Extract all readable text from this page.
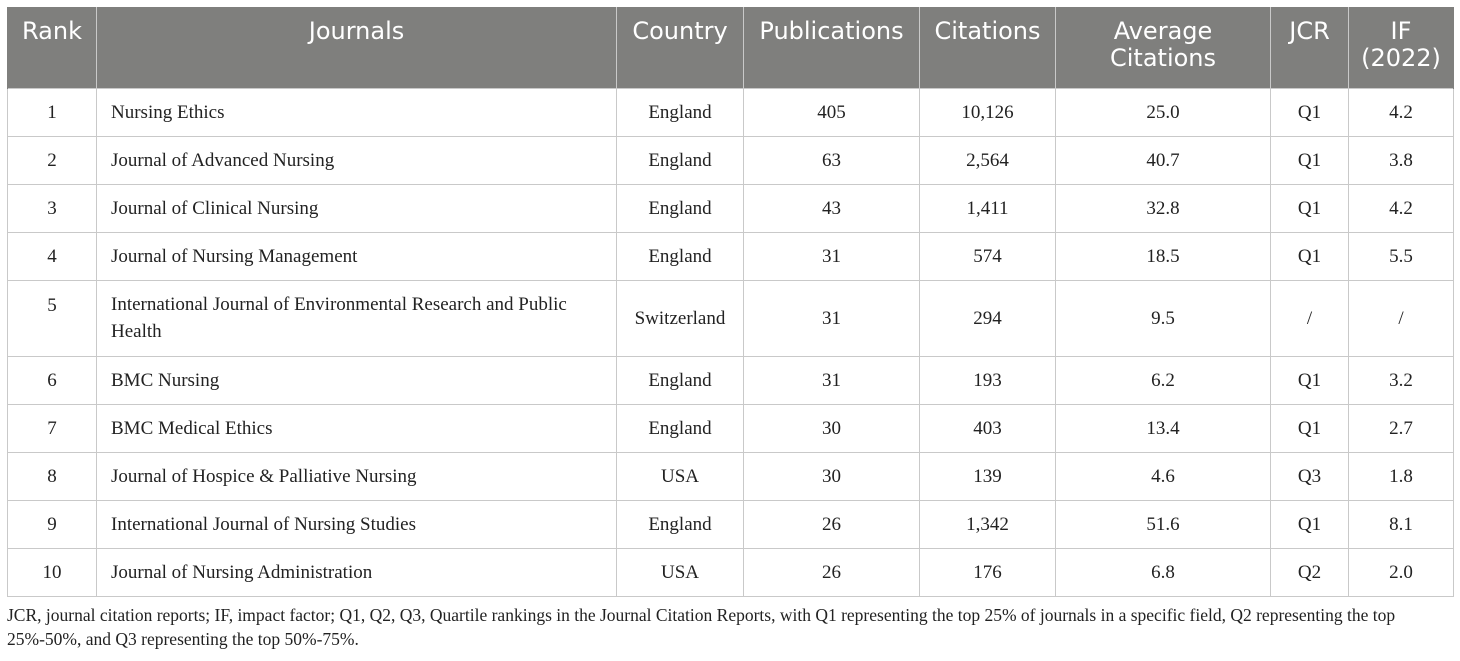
Rank	Journals	Country	Publications	Citations	Average Citations	JCR	IF (2022)
1	Nursing Ethics	England	405	10,126	25.0	Q1	4.2
2	Journal of Advanced Nursing	England	63	2,564	40.7	Q1	3.8
3	Journal of Clinical Nursing	England	43	1,411	32.8	Q1	4.2
4	Journal of Nursing Management	England	31	574	18.5	Q1	5.5
5	International Journal of Environmental Research and Public Health	Switzerland	31	294	9.5	/	/
6	BMC Nursing	England	31	193	6.2	Q1	3.2
7	BMC Medical Ethics	England	30	403	13.4	Q1	2.7
8	Journal of Hospice & Palliative Nursing	USA	30	139	4.6	Q3	1.8
9	International Journal of Nursing Studies	England	26	1,342	51.6	Q1	8.1
10	Journal of Nursing Administration	USA	26	176	6.8	Q2	2.0

JCR, journal citation reports; IF, impact factor; Q1, Q2, Q3, Quartile rankings in the Journal Citation Reports, with Q1 representing the top 25% of journals in a specific field, Q2 representing the top 25%-50%, and Q3 representing the top 50%-75%.
